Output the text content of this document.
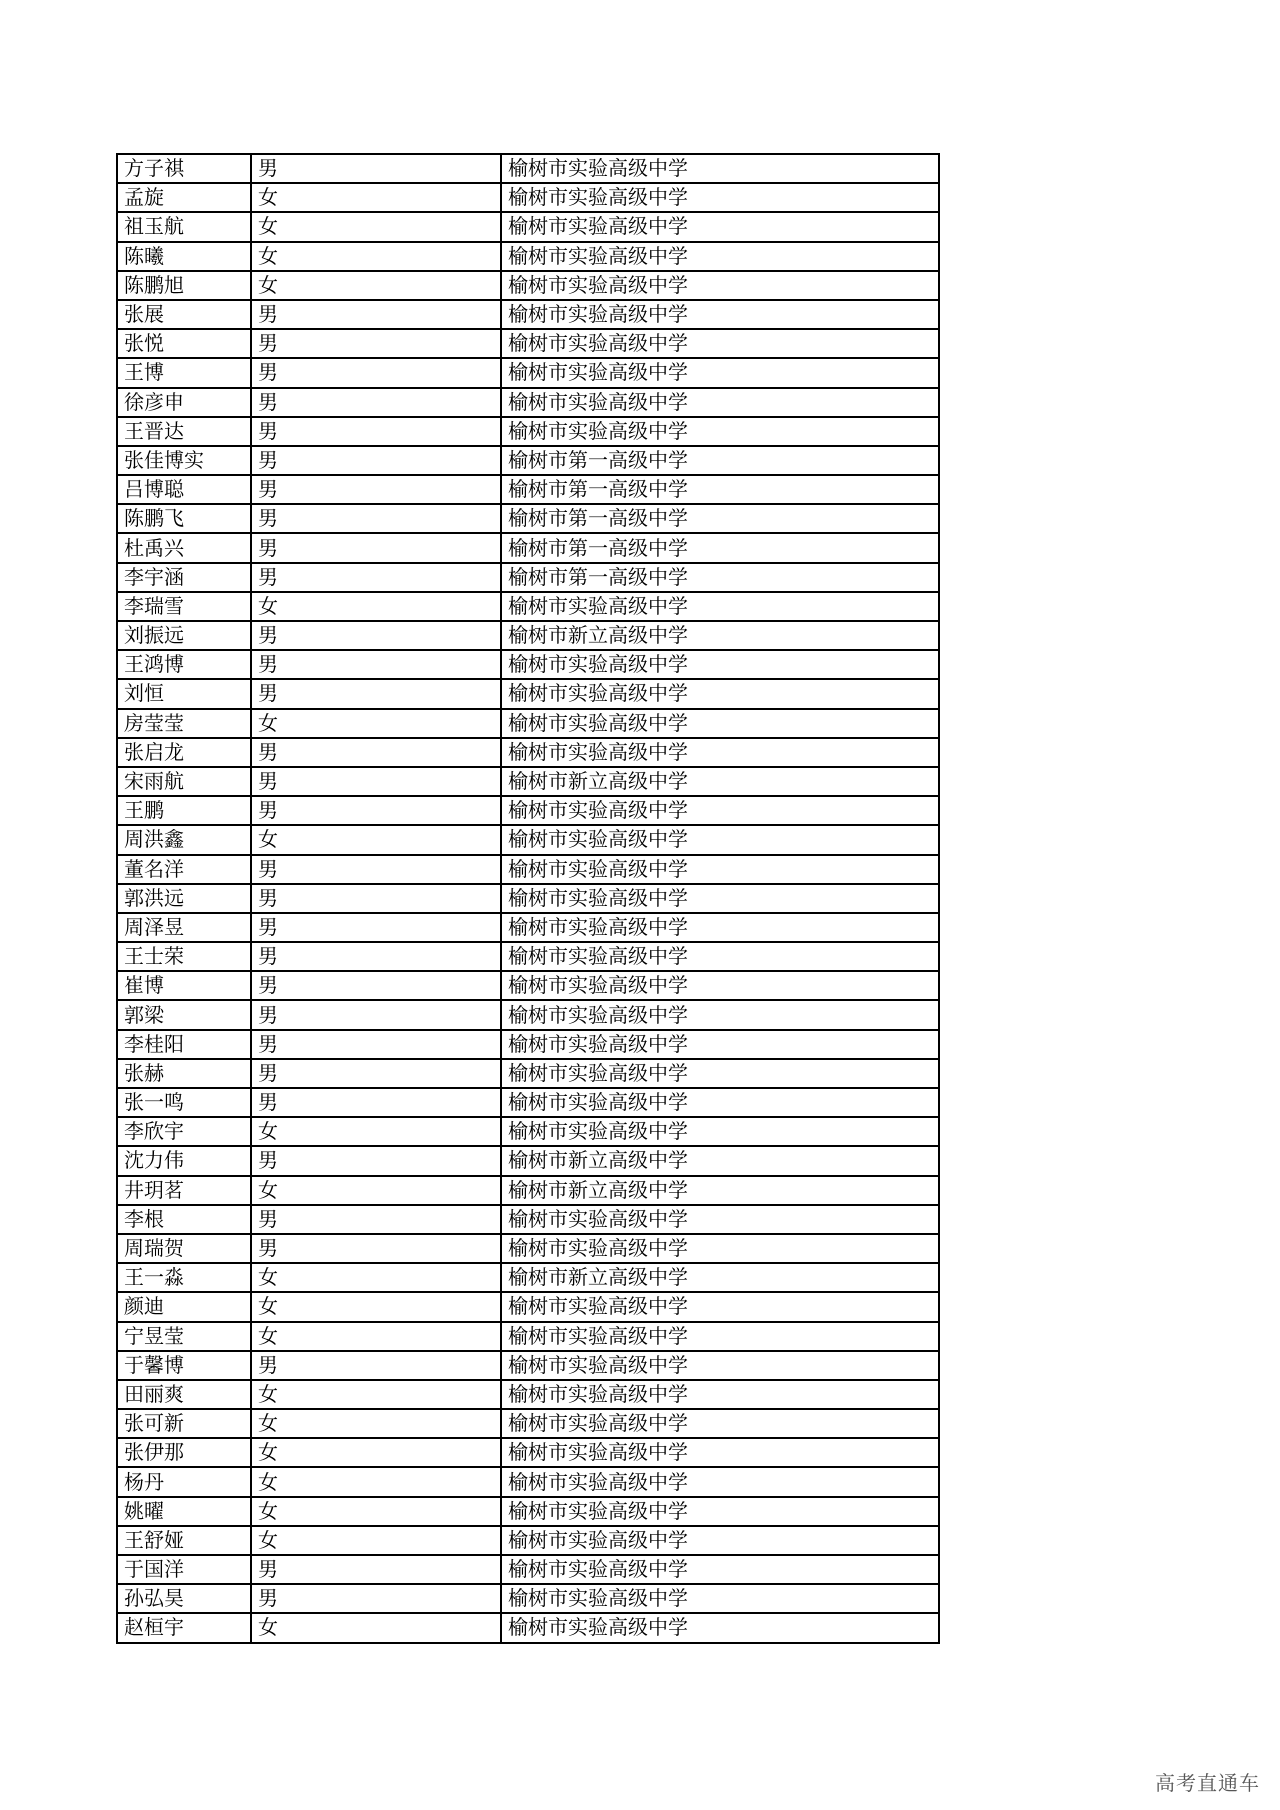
方子祺	男	榆树市实验高级中学
孟旋	女	榆树市实验高级中学
祖玉航	女	榆树市实验高级中学
陈曦	女	榆树市实验高级中学
陈鹏旭	女	榆树市实验高级中学
张展	男	榆树市实验高级中学
张悦	男	榆树市实验高级中学
王博	男	榆树市实验高级中学
徐彦申	男	榆树市实验高级中学
王晋达	男	榆树市实验高级中学
张佳博实	男	榆树市第一高级中学
吕博聪	男	榆树市第一高级中学
陈鹏飞	男	榆树市第一高级中学
杜禹兴	男	榆树市第一高级中学
李宇涵	男	榆树市第一高级中学
李瑞雪	女	榆树市实验高级中学
刘振远	男	榆树市新立高级中学
王鸿博	男	榆树市实验高级中学
刘恒	男	榆树市实验高级中学
房莹莹	女	榆树市实验高级中学
张启龙	男	榆树市实验高级中学
宋雨航	男	榆树市新立高级中学
王鹏	男	榆树市实验高级中学
周洪鑫	女	榆树市实验高级中学
董名洋	男	榆树市实验高级中学
郭洪远	男	榆树市实验高级中学
周泽昱	男	榆树市实验高级中学
王士荣	男	榆树市实验高级中学
崔博	男	榆树市实验高级中学
郭梁	男	榆树市实验高级中学
李桂阳	男	榆树市实验高级中学
张赫	男	榆树市实验高级中学
张一鸣	男	榆树市实验高级中学
李欣宇	女	榆树市实验高级中学
沈力伟	男	榆树市新立高级中学
井玥茗	女	榆树市新立高级中学
李根	男	榆树市实验高级中学
周瑞贺	男	榆树市实验高级中学
王一淼	女	榆树市新立高级中学
颜迪	女	榆树市实验高级中学
宁昱莹	女	榆树市实验高级中学
于馨博	男	榆树市实验高级中学
田丽爽	女	榆树市实验高级中学
张可新	女	榆树市实验高级中学
张伊那	女	榆树市实验高级中学
杨丹	女	榆树市实验高级中学
姚曜	女	榆树市实验高级中学
王舒娅	女	榆树市实验高级中学
于国洋	男	榆树市实验高级中学
孙弘昊	男	榆树市实验高级中学
赵桓宇	女	榆树市实验高级中学
高考直通车
